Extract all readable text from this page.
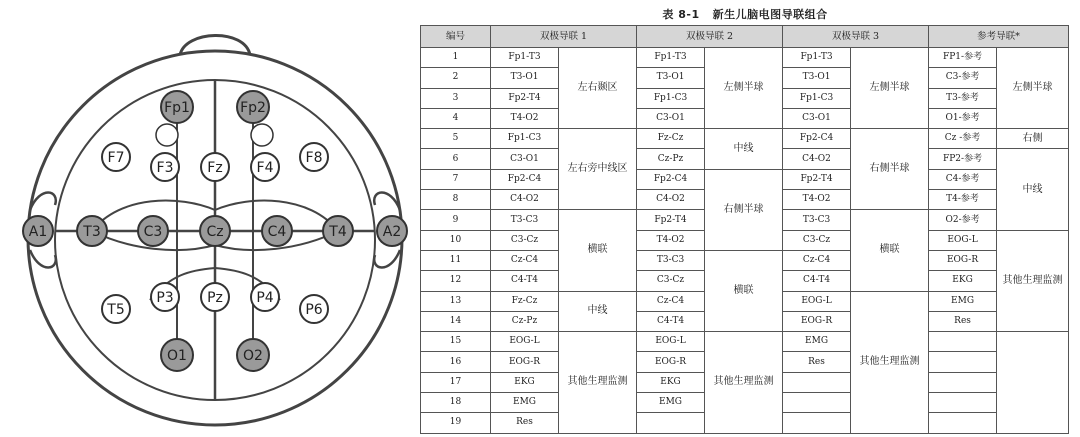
Fp1	Fp2
F7
F3 Fz F4
F8
A1	T3	C3	Cz	C4	T4	A2
T5
P3 Pz P4
P6
O1	O2
表 8-1 新生儿脑电图导联组合
编号	双极导联 1		双极导联 2		双极导联 3		参考导联*	
1	Fp1-T3	左右颞区	Fp1-T3	左侧半球	Fp1-T3	左侧半球	FP1-参考	左侧半球
2	T3-O1		T3-O1		T3-O1		C3-参考	
3	Fp2-T4		Fp1-C3		Fp1-C3		T3-参考	
4	T4-O2		C3-O1		C3-O1		O1-参考	
5	Fp1-C3	左右旁中线区	Fz-Cz	中线	Fp2-C4	右侧半球	Cz -参考	右侧
6	C3-O1		Cz-Pz		C4-O2		FP2-参考	中线
7	Fp2-C4		Fp2-C4	右侧半球	Fp2-T4		C4-参考	
8	C4-O2		C4-O2		T4-O2		T4-参考	
9	T3-C3	横联	Fp2-T4		T3-C3	横联	O2-参考	
10	C3-Cz		T4-O2		C3-Cz		EOG-L	其他生理监测
11	Cz-C4		T3-C3	横联	Cz-C4		EOG-R	
12	C4-T4		C3-Cz		C4-T4		EKG	
13	Fz-Cz	中线	Cz-C4		EOG-L	其他生理监测	EMG	
14	Cz-Pz		C4-T4		EOG-R		Res	
15	EOG-L	其他生理监测	EOG-L	其他生理监测	EMG			
16	EOG-R		EOG-R		Res			
17	EKG		EKG					
18	EMG		EMG					
19	Res							
